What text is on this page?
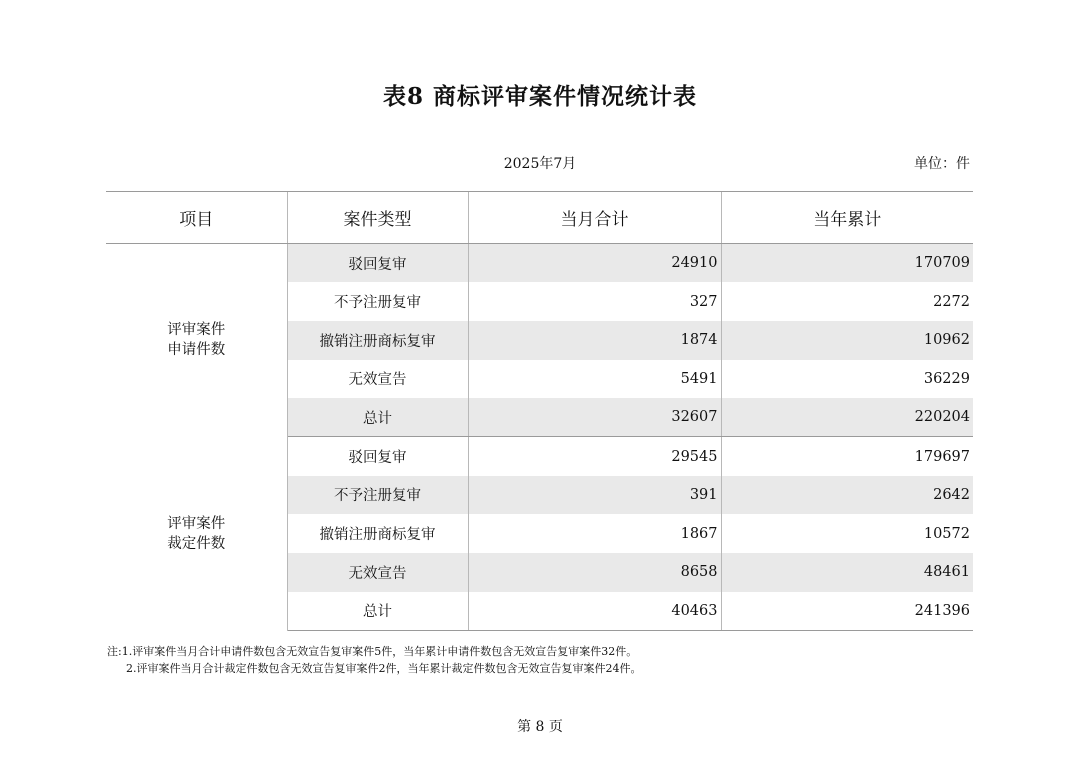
表8 商标评审案件情况统计表
2025年7月	单位：件
项目	案件类型	当月合计	当年累计
评审案件
申请件数	驳回复审	24910	170709
	不予注册复审	327	2272
	撤销注册商标复审	1874	10962
	无效宣告	5491	36229
	总计	32607	220204
评审案件
裁定件数	驳回复审	29545	179697
	不予注册复审	391	2642
	撤销注册商标复审	1867	10572
	无效宣告	8658	48461
	总计	40463	241396
注:1.评审案件当月合计申请件数包含无效宣告复审案件5件，当年累计申请件数包含无效宣告复审案件32件。
2.评审案件当月合计裁定件数包含无效宣告复审案件2件，当年累计裁定件数包含无效宣告复审案件24件。
第 8 页
